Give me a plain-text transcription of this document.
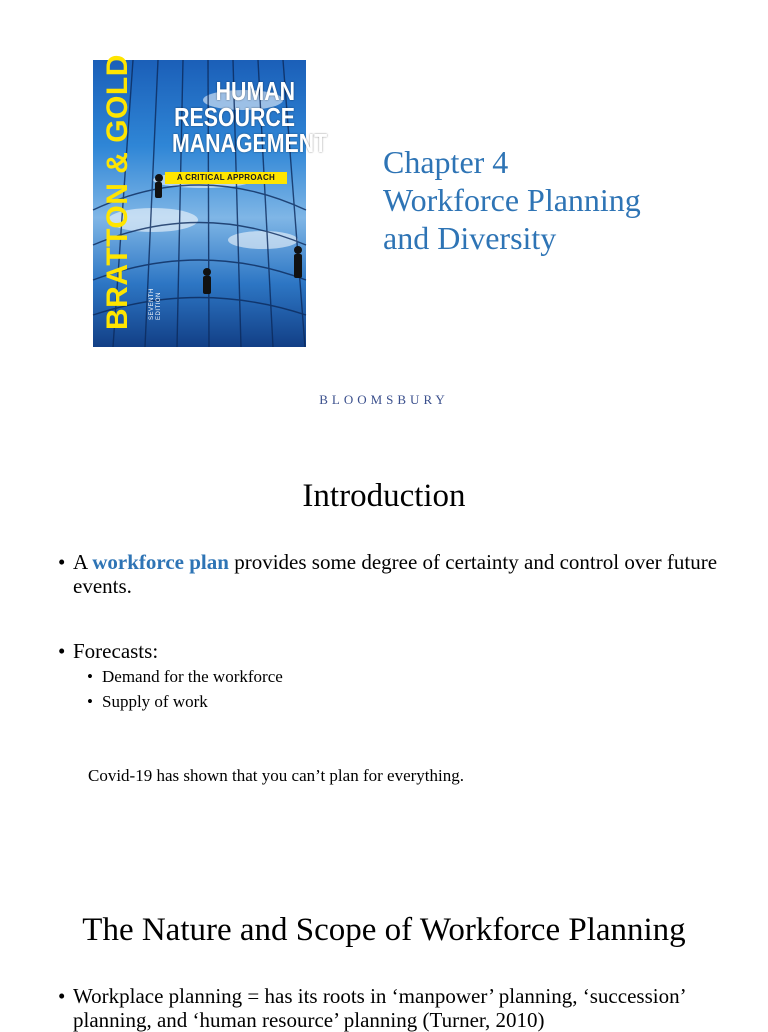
BRATTON & GOLD	HUMAN
RESOURCE
MANAGEMENT
A CRITICAL APPROACH
SEVENTH EDITION
Chapter 4
Workforce Planning
and Diversity
BLOOMSBURY
Introduction
• A workforce plan provides some degree of certainty and control over future events.
• Forecasts:
• Demand for the workforce
• Supply of work
Covid-19 has shown that you can’t plan for everything.
The Nature and Scope of Workforce Planning
• Workplace planning = has its roots in ‘manpower’ planning, ‘succession’ planning, and ‘human resource’ planning (Turner, 2010)
